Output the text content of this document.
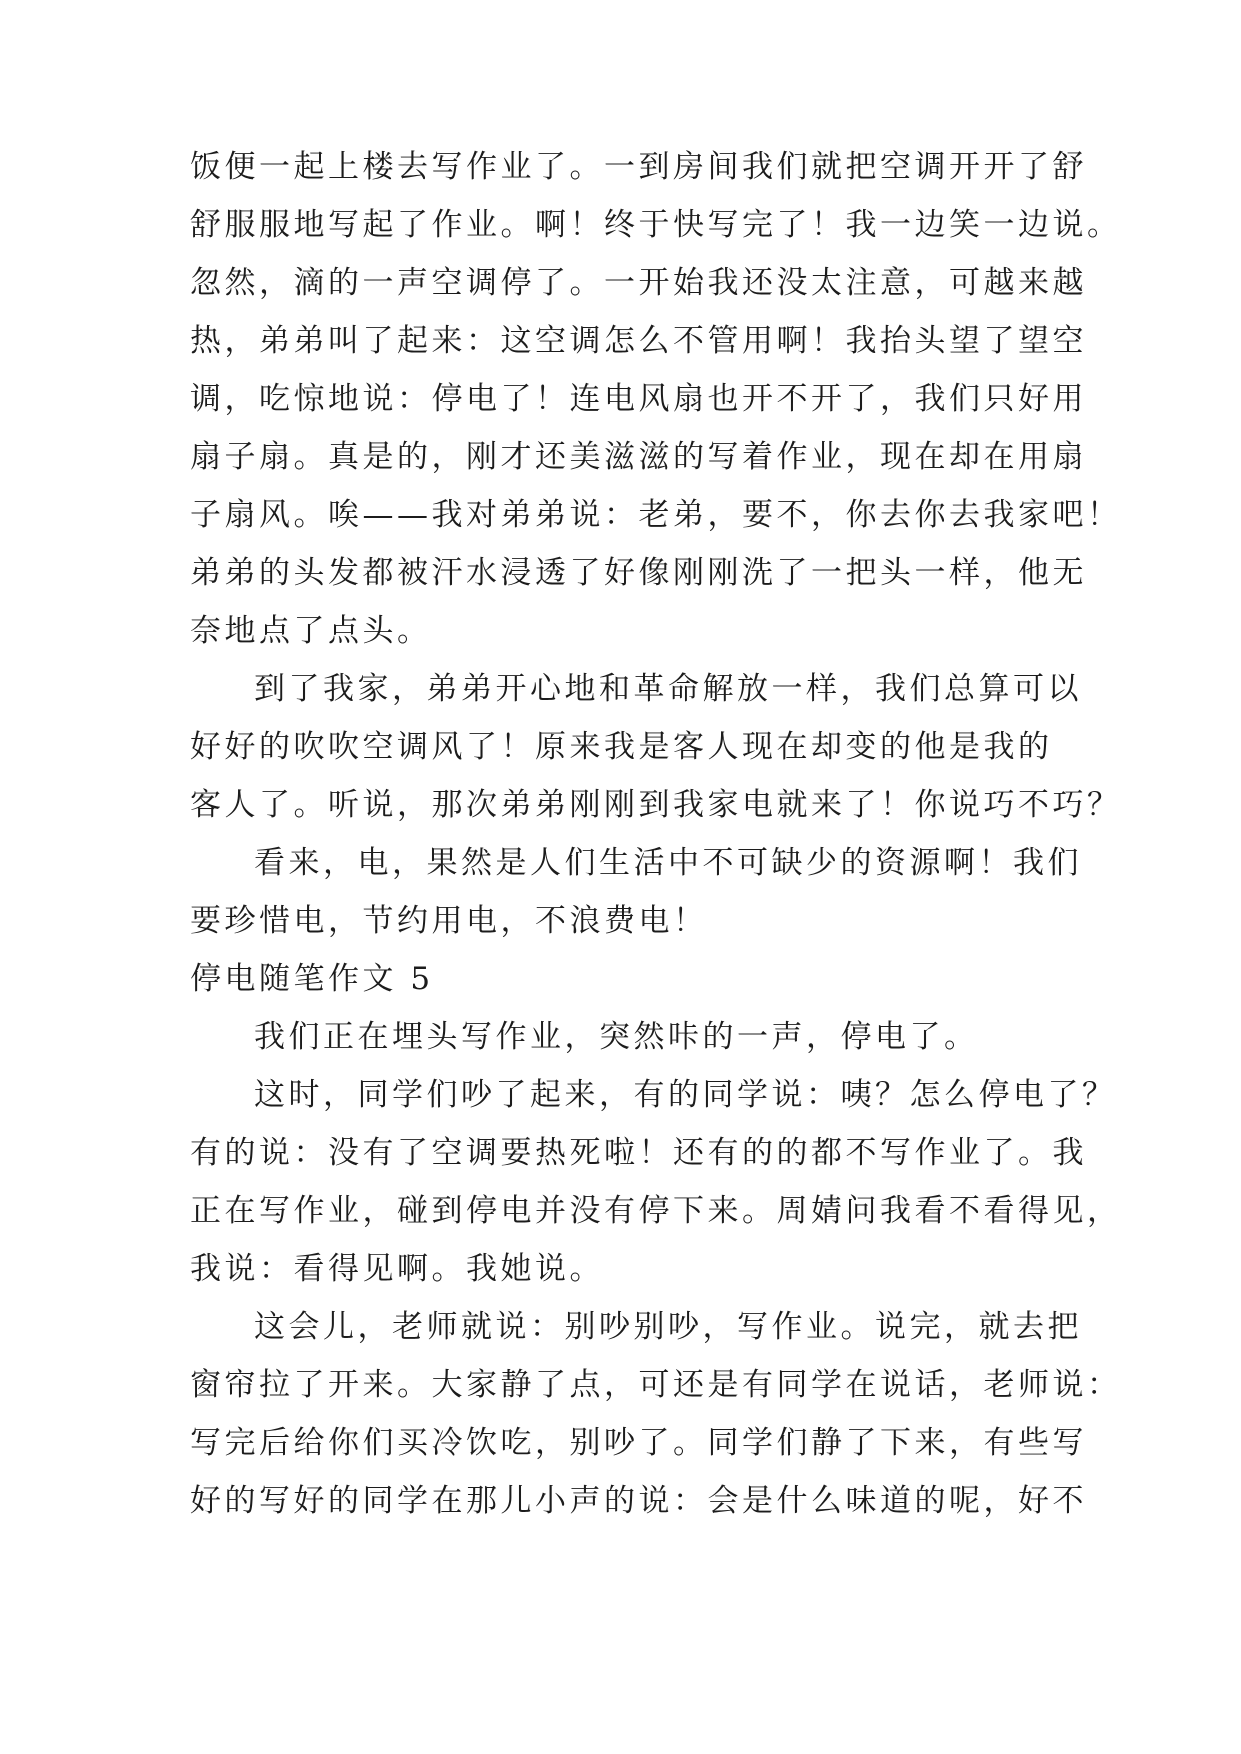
饭便一起上楼去写作业了。一到房间我们就把空调开开了舒
舒服服地写起了作业。啊！终于快写完了！我一边笑一边说。
忽然，滴的一声空调停了。一开始我还没太注意，可越来越
热，弟弟叫了起来：这空调怎么不管用啊！我抬头望了望空
调，吃惊地说：停电了！连电风扇也开不开了，我们只好用
扇子扇。真是的，刚才还美滋滋的写着作业，现在却在用扇
子扇风。唉——我对弟弟说：老弟，要不，你去你去我家吧！
弟弟的头发都被汗水浸透了好像刚刚洗了一把头一样，他无
奈地点了点头。
到了我家，弟弟开心地和革命解放一样，我们总算可以
好好的吹吹空调风了！原来我是客人现在却变的他是我的
客人了。听说，那次弟弟刚刚到我家电就来了！你说巧不巧？
看来，电，果然是人们生活中不可缺少的资源啊！我们
要珍惜电，节约用电，不浪费电！
停电随笔作文 5
我们正在埋头写作业，突然咔的一声，停电了。
这时，同学们吵了起来，有的同学说：咦？怎么停电了？
有的说：没有了空调要热死啦！还有的的都不写作业了。我
正在写作业，碰到停电并没有停下来。周婧问我看不看得见，
我说：看得见啊。我她说。
这会儿，老师就说：别吵别吵，写作业。说完，就去把
窗帘拉了开来。大家静了点，可还是有同学在说话，老师说：
写完后给你们买冷饮吃，别吵了。同学们静了下来，有些写
好的写好的同学在那儿小声的说：会是什么味道的呢，好不
